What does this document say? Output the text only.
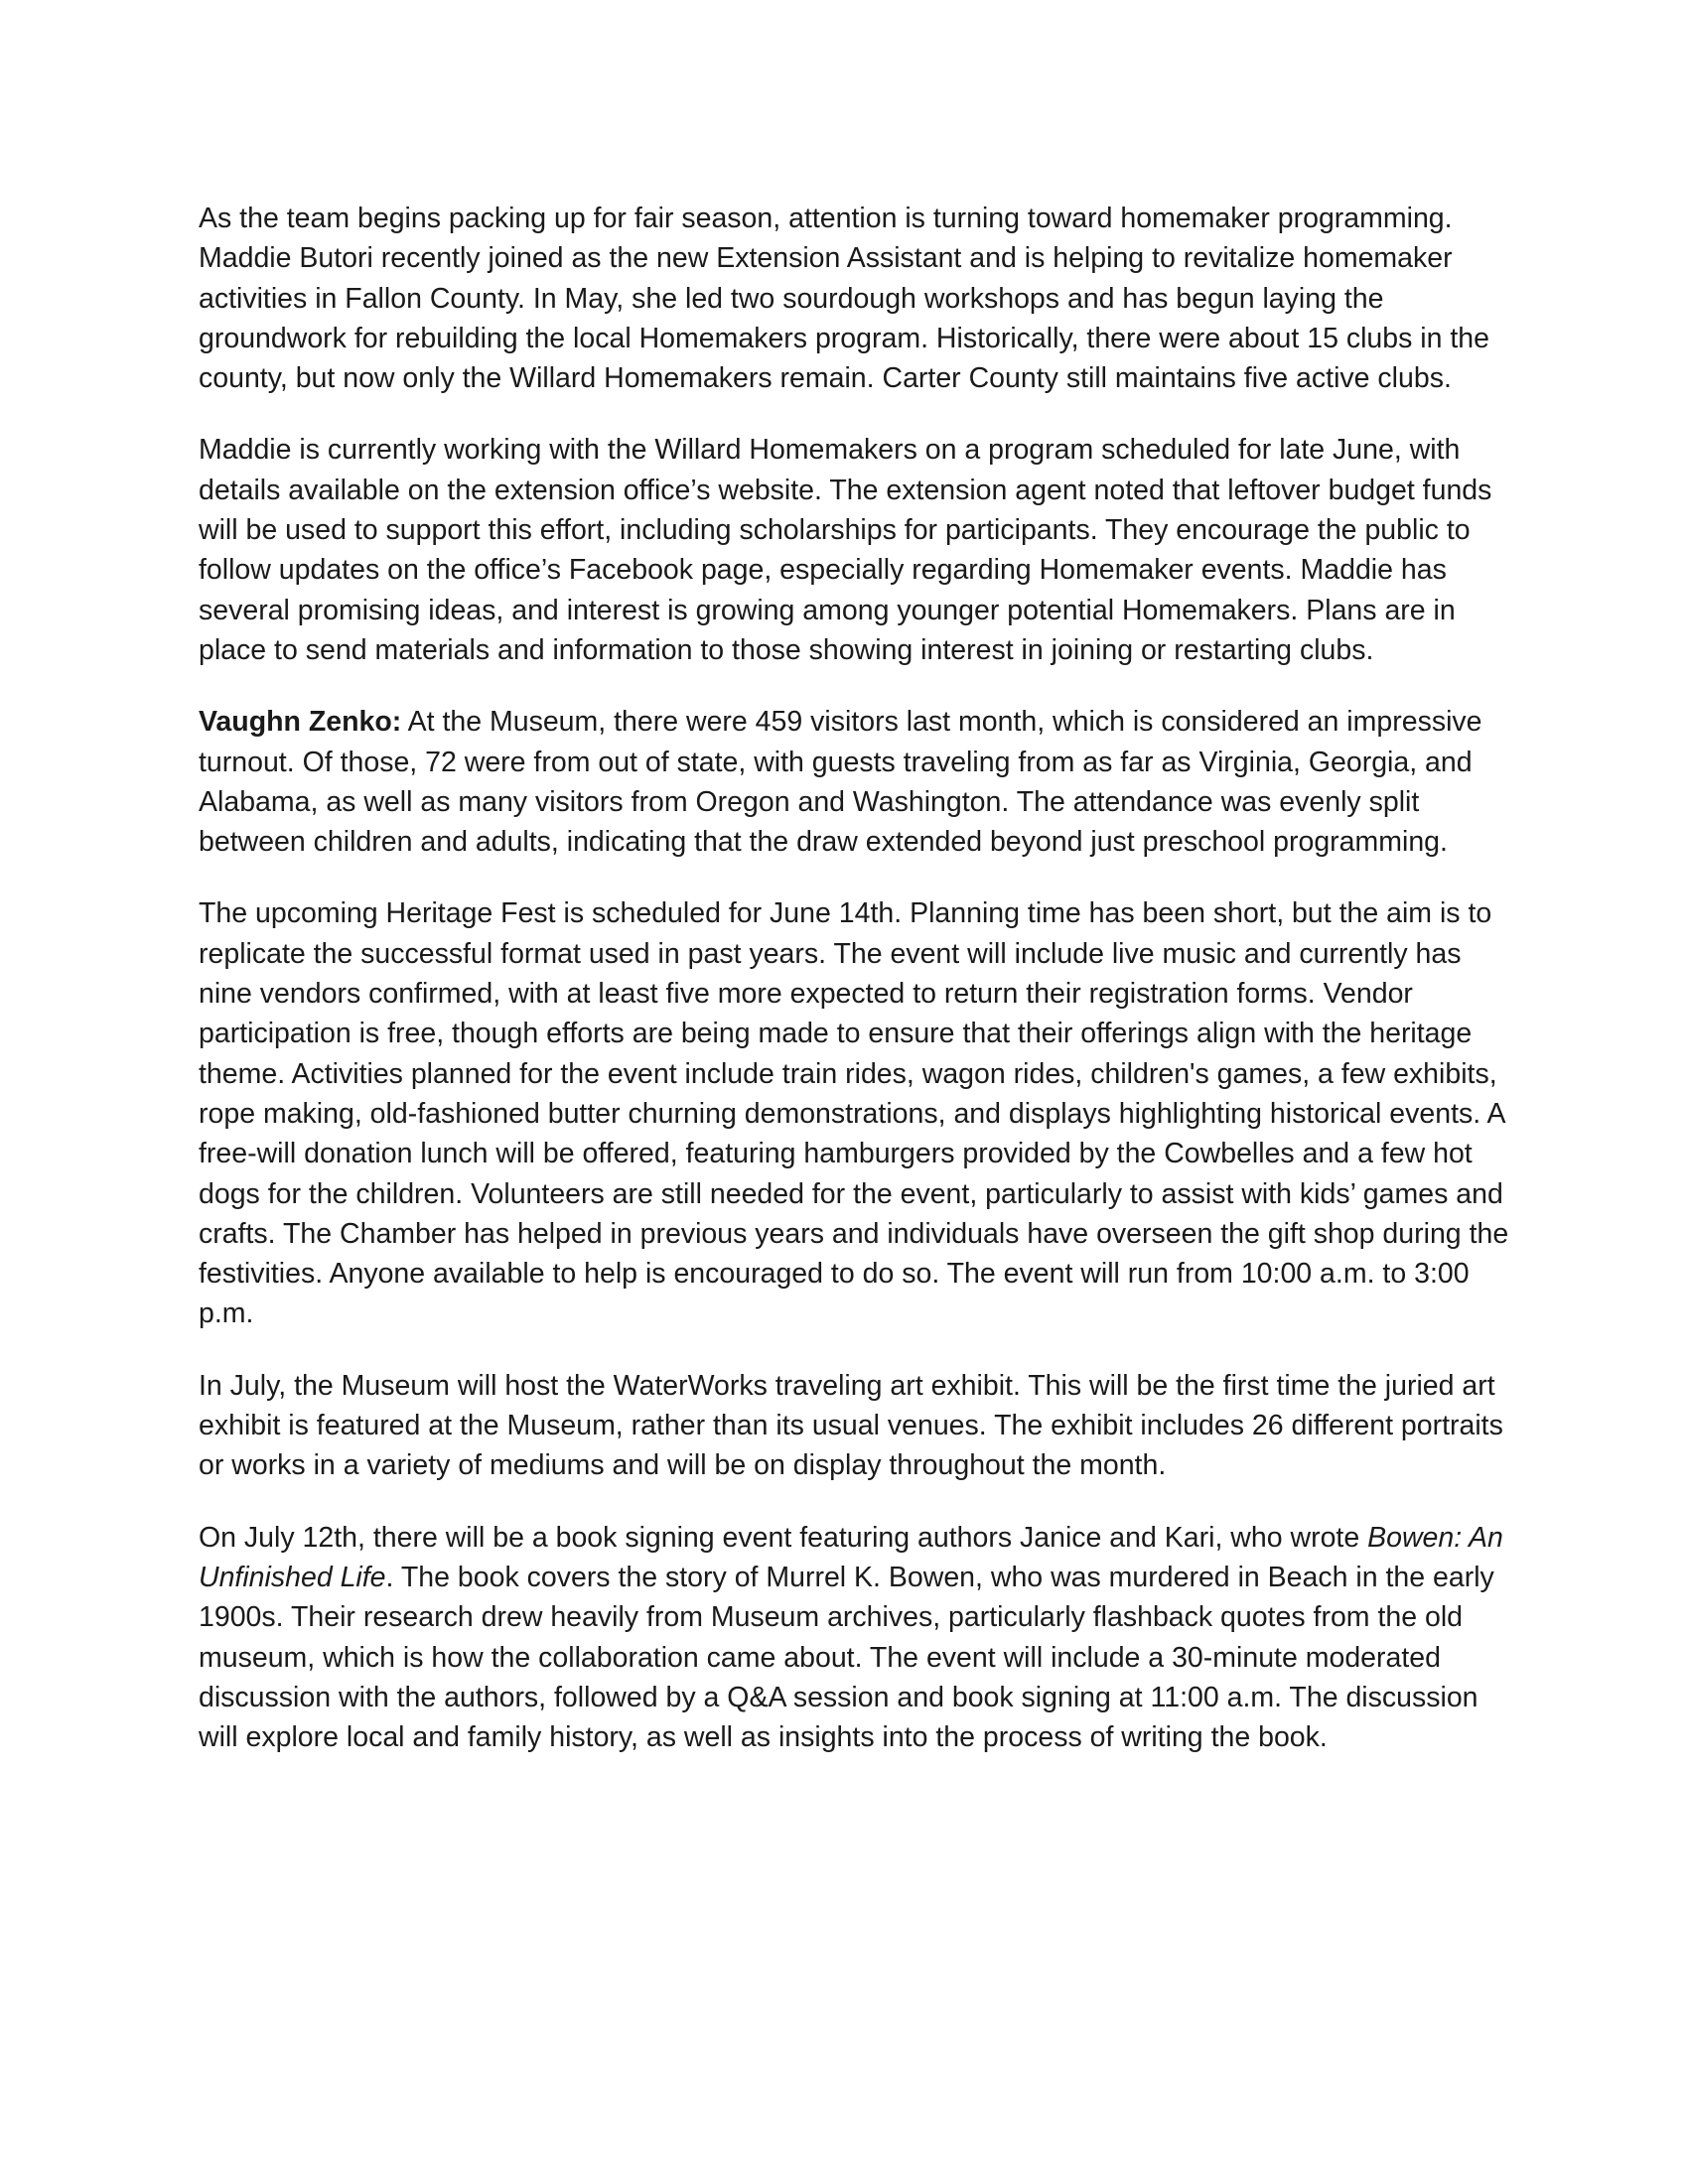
As the team begins packing up for fair season, attention is turning toward homemaker programming. Maddie Butori recently joined as the new Extension Assistant and is helping to revitalize homemaker activities in Fallon County. In May, she led two sourdough workshops and has begun laying the groundwork for rebuilding the local Homemakers program. Historically, there were about 15 clubs in the county, but now only the Willard Homemakers remain. Carter County still maintains five active clubs.

Maddie is currently working with the Willard Homemakers on a program scheduled for late June, with details available on the extension office’s website. The extension agent noted that leftover budget funds will be used to support this effort, including scholarships for participants. They encourage the public to follow updates on the office’s Facebook page, especially regarding Homemaker events. Maddie has several promising ideas, and interest is growing among younger potential Homemakers. Plans are in place to send materials and information to those showing interest in joining or restarting clubs.

Vaughn Zenko: At the Museum, there were 459 visitors last month, which is considered an impressive turnout. Of those, 72 were from out of state, with guests traveling from as far as Virginia, Georgia, and Alabama, as well as many visitors from Oregon and Washington. The attendance was evenly split between children and adults, indicating that the draw extended beyond just preschool programming.

The upcoming Heritage Fest is scheduled for June 14th. Planning time has been short, but the aim is to replicate the successful format used in past years. The event will include live music and currently has nine vendors confirmed, with at least five more expected to return their registration forms. Vendor participation is free, though efforts are being made to ensure that their offerings align with the heritage theme. Activities planned for the event include train rides, wagon rides, children's games, a few exhibits, rope making, old-fashioned butter churning demonstrations, and displays highlighting historical events. A free-will donation lunch will be offered, featuring hamburgers provided by the Cowbelles and a few hot dogs for the children. Volunteers are still needed for the event, particularly to assist with kids’ games and crafts. The Chamber has helped in previous years and individuals have overseen the gift shop during the festivities. Anyone available to help is encouraged to do so. The event will run from 10:00 a.m. to 3:00 p.m.

In July, the Museum will host the WaterWorks traveling art exhibit. This will be the first time the juried art exhibit is featured at the Museum, rather than its usual venues. The exhibit includes 26 different portraits or works in a variety of mediums and will be on display throughout the month.

On July 12th, there will be a book signing event featuring authors Janice and Kari, who wrote Bowen: An Unfinished Life. The book covers the story of Murrel K. Bowen, who was murdered in Beach in the early 1900s. Their research drew heavily from Museum archives, particularly flashback quotes from the old museum, which is how the collaboration came about. The event will include a 30-minute moderated discussion with the authors, followed by a Q&A session and book signing at 11:00 a.m. The discussion will explore local and family history, as well as insights into the process of writing the book.
